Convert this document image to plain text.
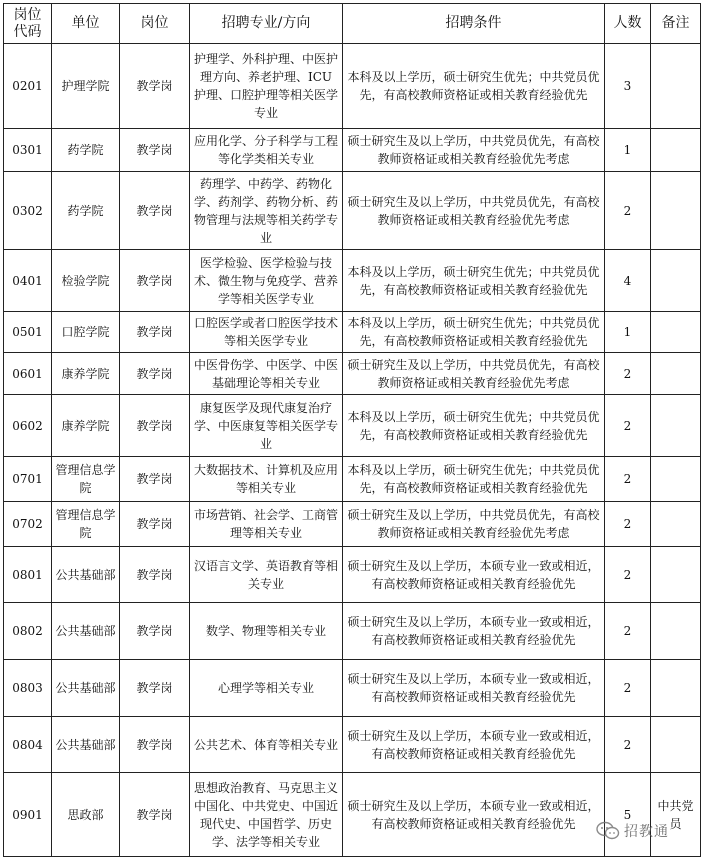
岗位
代码	单位	岗位	招聘专业/方向	招聘条件	人数	备注
0201	护理学院	教学岗	护理学、外科护理、中医护理方向、养老护理、ICU 护理、口腔护理等相关医学专业	本科及以上学历，硕士研究生优先；中共党员优先，有高校教师资格证或相关教育经验优先	3	
0301	药学院	教学岗	应用化学、分子科学与工程等化学类相关专业	硕士研究生及以上学历，中共党员优先，有高校教师资格证或相关教育经验优先考虑	1	
0302	药学院	教学岗	药理学、中药学、药物化学、药剂学、药物分析、药物管理与法规等相关药学专业	硕士研究生及以上学历，中共党员优先，有高校教师资格证或相关教育经验优先考虑	2	
0401	检验学院	教学岗	医学检验、医学检验与技术、微生物与免疫学、营养学等相关医学专业	本科及以上学历，硕士研究生优先；中共党员优先，有高校教师资格证或相关教育经验优先	4	
0501	口腔学院	教学岗	口腔医学或者口腔医学技术等相关医学专业	本科及以上学历，硕士研究生优先；中共党员优先，有高校教师资格证或相关教育经验优先	1	
0601	康养学院	教学岗	中医骨伤学、中医学、中医基础理论等相关专业	硕士研究生及以上学历，中共党员优先，有高校教师资格证或相关教育经验优先考虑	2	
0602	康养学院	教学岗	康复医学及现代康复治疗学、中医康复等相关医学专业	本科及以上学历，硕士研究生优先；中共党员优先，有高校教师资格证或相关教育经验优先	2	
0701	管理信息学院	教学岗	大数据技术、计算机及应用等相关专业	本科及以上学历，硕士研究生优先；中共党员优先，有高校教师资格证或相关教育经验优先	2	
0702	管理信息学院	教学岗	市场营销、社会学、工商管理等相关专业	硕士研究生及以上学历，中共党员优先，有高校教师资格证或相关教育经验优先考虑	2	
0801	公共基础部	教学岗	汉语言文学、英语教育等相关专业	硕士研究生及以上学历，本硕专业一致或相近，有高校教师资格证或相关教育经验优先	2	
0802	公共基础部	教学岗	数学、物理等相关专业	硕士研究生及以上学历，本硕专业一致或相近，有高校教师资格证或相关教育经验优先	2	
0803	公共基础部	教学岗	心理学等相关专业	硕士研究生及以上学历，本硕专业一致或相近，有高校教师资格证或相关教育经验优先	2	
0804	公共基础部	教学岗	公共艺术、体育等相关专业	硕士研究生及以上学历，本硕专业一致或相近，有高校教师资格证或相关教育经验优先	2	
0901	思政部	教学岗	思想政治教育、马克思主义中国化、中共党史、中国近现代史、中国哲学、历史学、法学等相关专业	硕士研究生及以上学历，本硕专业一致或相近，有高校教师资格证或相关教育经验优先	5	中共党员
招教通
